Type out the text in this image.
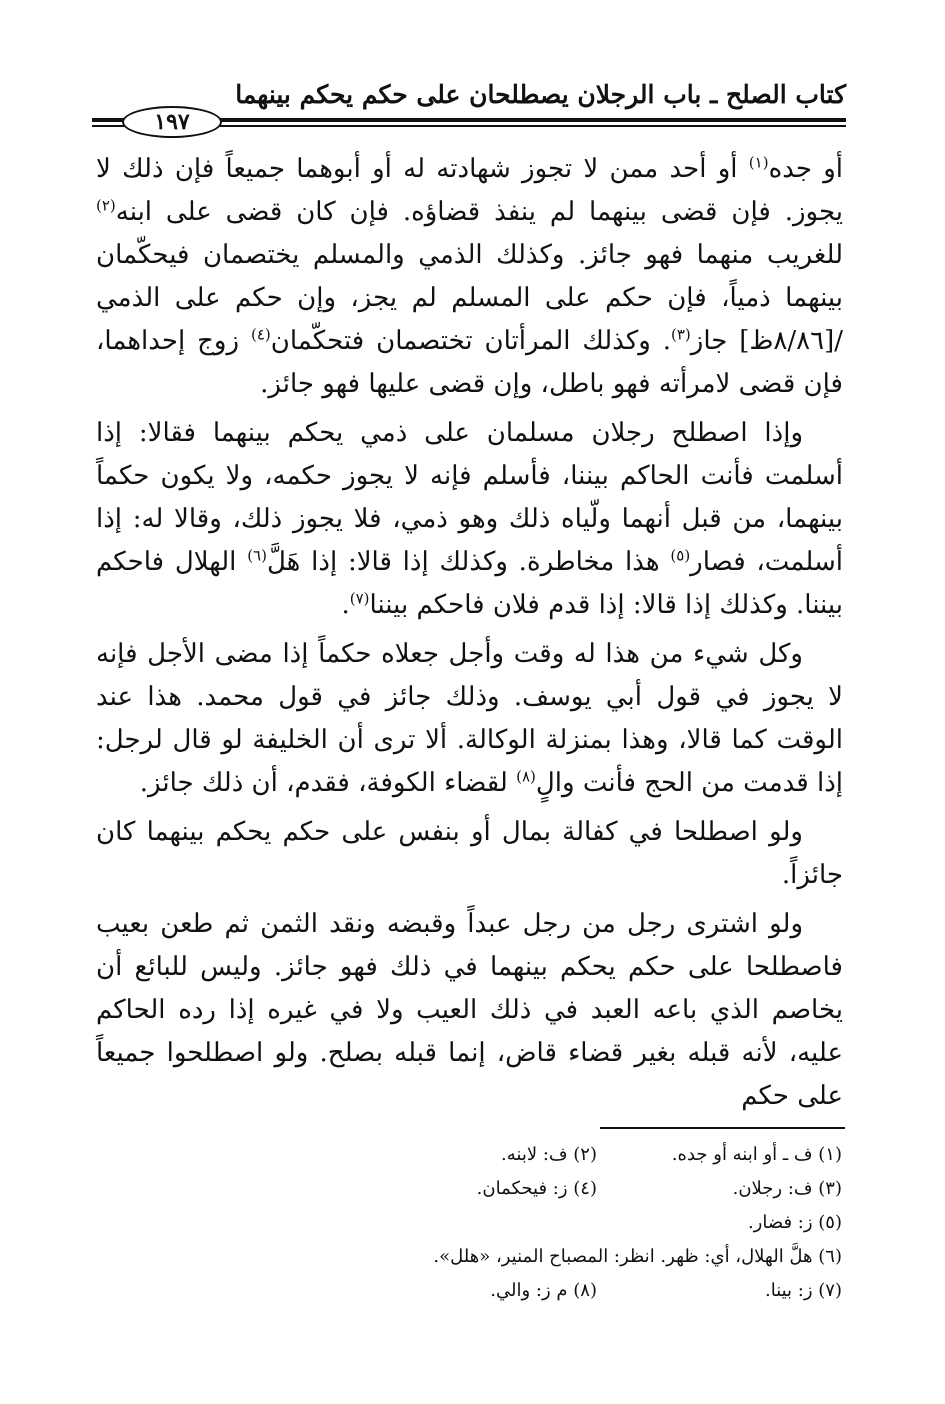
كتاب الصلح ـ باب الرجلان يصطلحان على حكم يحكم بينهما
١٩٧

أو جده$^{(١)}$ أو أحد ممن لا تجوز شهادته له أو أبوهما جميعاً فإن ذلك لا يجوز. فإن قضى بينهما لم ينفذ قضاؤه. فإن كان قضى على ابنه$^{(٢)}$ للغريب منهما فهو جائز. وكذلك الذمي والمسلم يختصمان فيحكّمان بينهما ذمياً، فإن حكم على المسلم لم يجز، وإن حكم على الذمي /[٨/٨٦ظ] جاز$^{(٣)}$. وكذلك المرأتان تختصمان فتحكّمان$^{(٤)}$ زوج إحداهما، فإن قضى لامرأته فهو باطل، وإن قضى عليها فهو جائز.

وإذا اصطلح رجلان مسلمان على ذمي يحكم بينهما فقالا: إذا أسلمت فأنت الحاكم بيننا، فأسلم فإنه لا يجوز حكمه، ولا يكون حكماً بينهما، من قبل أنهما ولّياه ذلك وهو ذمي، فلا يجوز ذلك، وقالا له: إذا أسلمت، فصار$^{(٥)}$ هذا مخاطرة. وكذلك إذا قالا: إذا هَلَّ$^{(٦)}$ الهلال فاحكم بيننا. وكذلك إذا قالا: إذا قدم فلان فاحكم بيننا$^{(٧)}$.

وكل شيء من هذا له وقت وأجل جعلاه حكماً إذا مضى الأجل فإنه لا يجوز في قول أبي يوسف. وذلك جائز في قول محمد. هذا عند الوقت كما قالا، وهذا بمنزلة الوكالة. ألا ترى أن الخليفة لو قال لرجل: إذا قدمت من الحج فأنت والٍ$^{(٨)}$ لقضاء الكوفة، فقدم، أن ذلك جائز.

ولو اصطلحا في كفالة بمال أو بنفس على حكم يحكم بينهما كان جائزاً.

ولو اشترى رجل من رجل عبداً وقبضه ونقد الثمن ثم طعن بعيب فاصطلحا على حكم يحكم بينهما في ذلك فهو جائز. وليس للبائع أن يخاصم الذي باعه العبد في ذلك العيب ولا في غيره إذا رده الحاكم عليه، لأنه قبله بغير قضاء قاض، إنما قبله بصلح. ولو اصطلحوا جميعاً على حكم

(١) ف ـ أو ابنه أو جده.
(٢) ف: لابنه.
(٣) ف: رجلان.
(٤) ز: فيحكمان.
(٥) ز: فضار.
(٦) هلَّ الهلال، أي: ظهر. انظر: المصباح المنير، «هلل».
(٧) ز: بينا.
(٨) م ز: والي.
